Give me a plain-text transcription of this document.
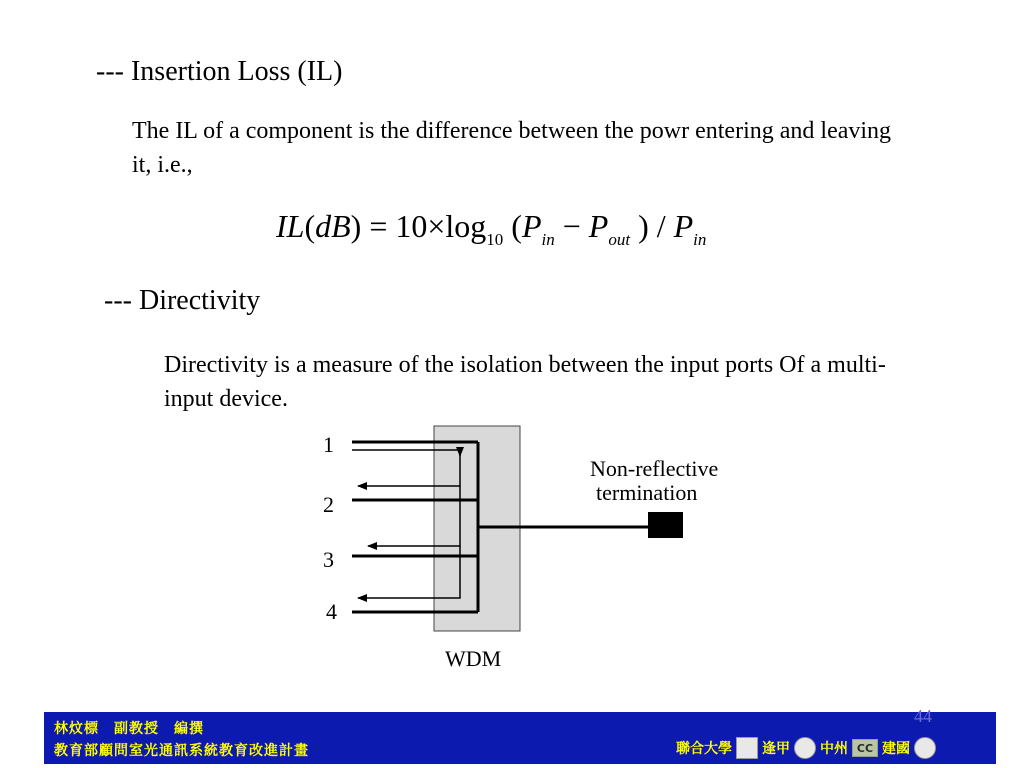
--- Insertion Loss (IL)
The IL of a component is the difference between the powr entering and leaving it, i.e.,
$IL(dB) = 10\times\log_{10}$ ($P_{in} - P_{out}$ ) / $P_{in}$
--- Directivity
Directivity is a measure of the isolation between the input ports Of a multi-input device.
1
2
3
4
WDM
Non-reflective
termination
林炆標　副教授　編撰
教育部顧問室光通訊系統教育改進計畫	聯合大學 逢甲 中州 CC 建國
44
